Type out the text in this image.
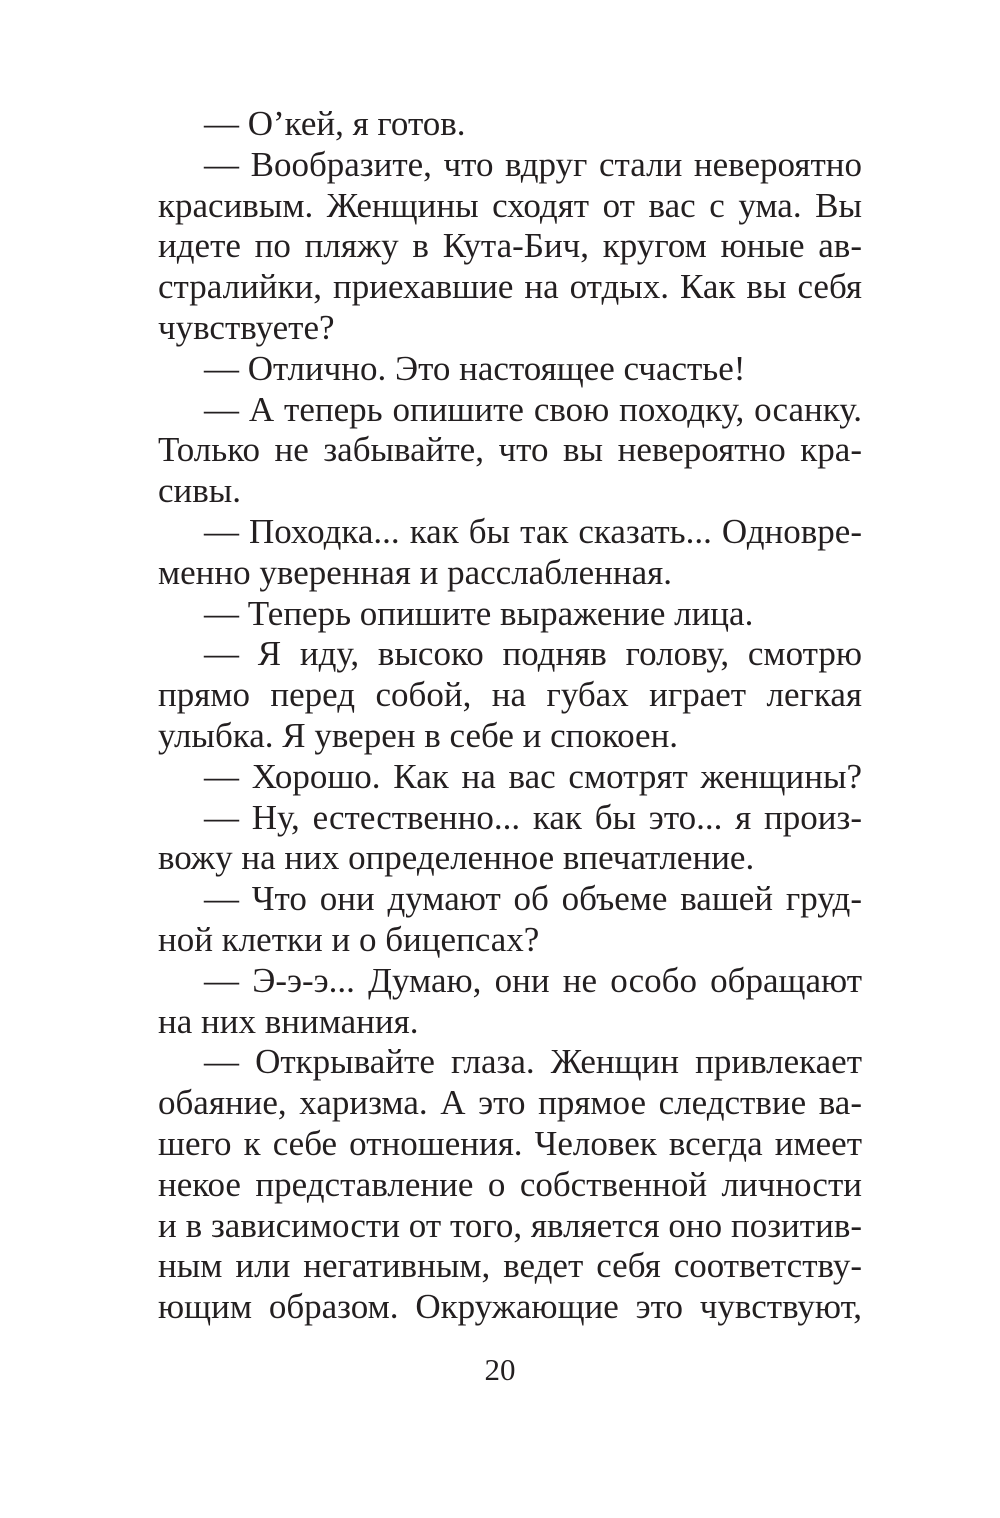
— О’кей, я готов.
— Вообразите, что вдруг стали невероятно
красивым. Женщины сходят от вас с ума. Вы
идете по пляжу в Кута-Бич, кругом юные ав-
стралийки, приехавшие на отдых. Как вы себя
чувствуете?
— Отлично. Это настоящее счастье!
— А теперь опишите свою походку, осанку.
Только не забывайте, что вы невероятно кра-
сивы.
— Походка... как бы так сказать... Одновре-
менно уверенная и расслабленная.
— Теперь опишите выражение лица.
— Я иду, высоко подняв голову, смотрю
прямо перед собой, на губах играет легкая
улыбка. Я уверен в себе и спокоен.
— Хорошо. Как на вас смотрят женщины?
— Ну, естественно... как бы это... я произ-
вожу на них определенное впечатление.
— Что они думают об объеме вашей груд-
ной клетки и о бицепсах?
— Э-э-э... Думаю, они не особо обращают
на них внимания.
— Открывайте глаза. Женщин привлекает
обаяние, харизма. А это прямое следствие ва-
шего к себе отношения. Человек всегда имеет
некое представление о собственной личности
и в зависимости от того, является оно позитив-
ным или негативным, ведет себя соответству-
ющим образом. Окружающие это чувствуют,
20
